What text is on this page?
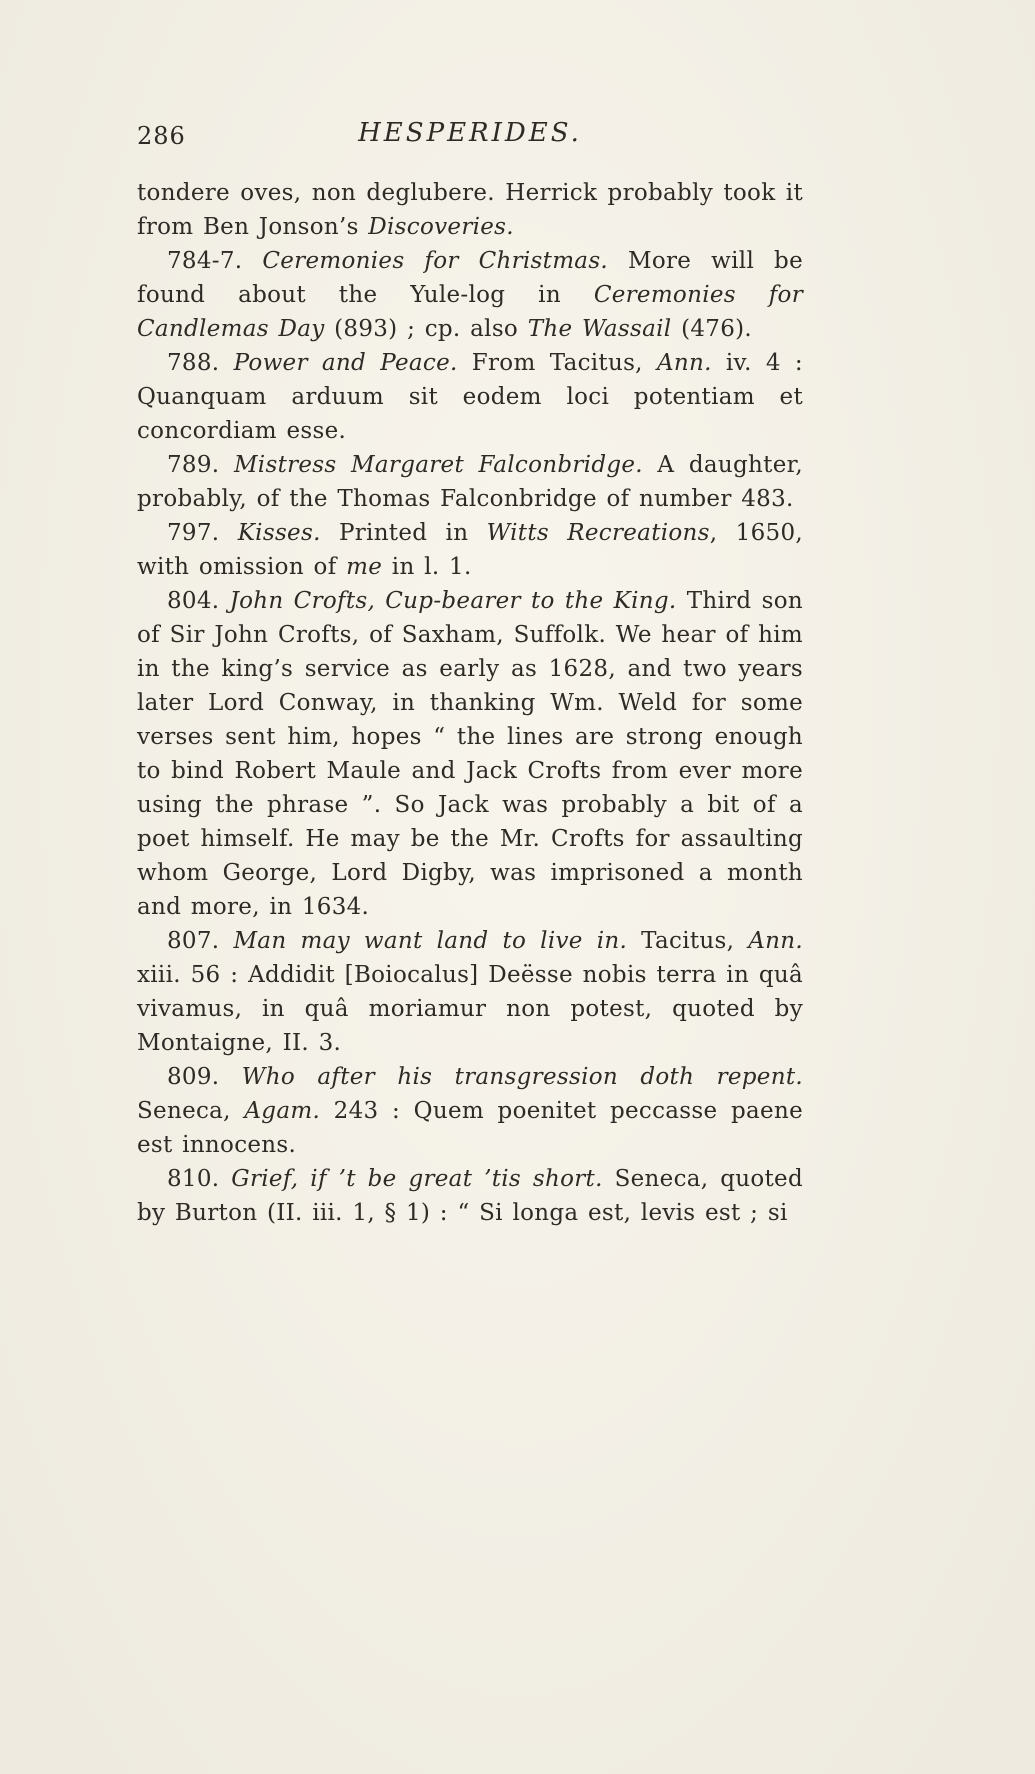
286	HESPERIDES.

tondere oves, non deglubere. Herrick probably took it from Ben Jonson’s Discoveries.

784-7. Ceremonies for Christmas. More will be found about the Yule-log in Ceremonies for Candlemas Day (893) ; cp. also The Wassail (476).

788. Power and Peace. From Tacitus, Ann. iv. 4 : Quanquam arduum sit eodem loci potentiam et concordiam esse.

789. Mistress Margaret Falconbridge. A daughter, probably, of the Thomas Falconbridge of number 483.

797. Kisses. Printed in Witts Recreations, 1650, with omission of me in l. 1.

804. John Crofts, Cup-bearer to the King. Third son of Sir John Crofts, of Saxham, Suffolk. We hear of him in the king’s service as early as 1628, and two years later Lord Conway, in thanking Wm. Weld for some verses sent him, hopes “ the lines are strong enough to bind Robert Maule and Jack Crofts from ever more using the phrase ”. So Jack was probably a bit of a poet himself. He may be the Mr. Crofts for assaulting whom George, Lord Digby, was imprisoned a month and more, in 1634.

807. Man may want land to live in. Tacitus, Ann. xiii. 56 : Addidit [Boiocalus] Deësse nobis terra in quâ vivamus, in quâ moriamur non potest, quoted by Montaigne, II. 3.

809. Who after his transgression doth repent. Seneca, Agam. 243 : Quem poenitet peccasse paene est innocens.

810. Grief, if ’t be great ’tis short. Seneca, quoted by Burton (II. iii. 1, § 1) : “ Si longa est, levis est ; si
